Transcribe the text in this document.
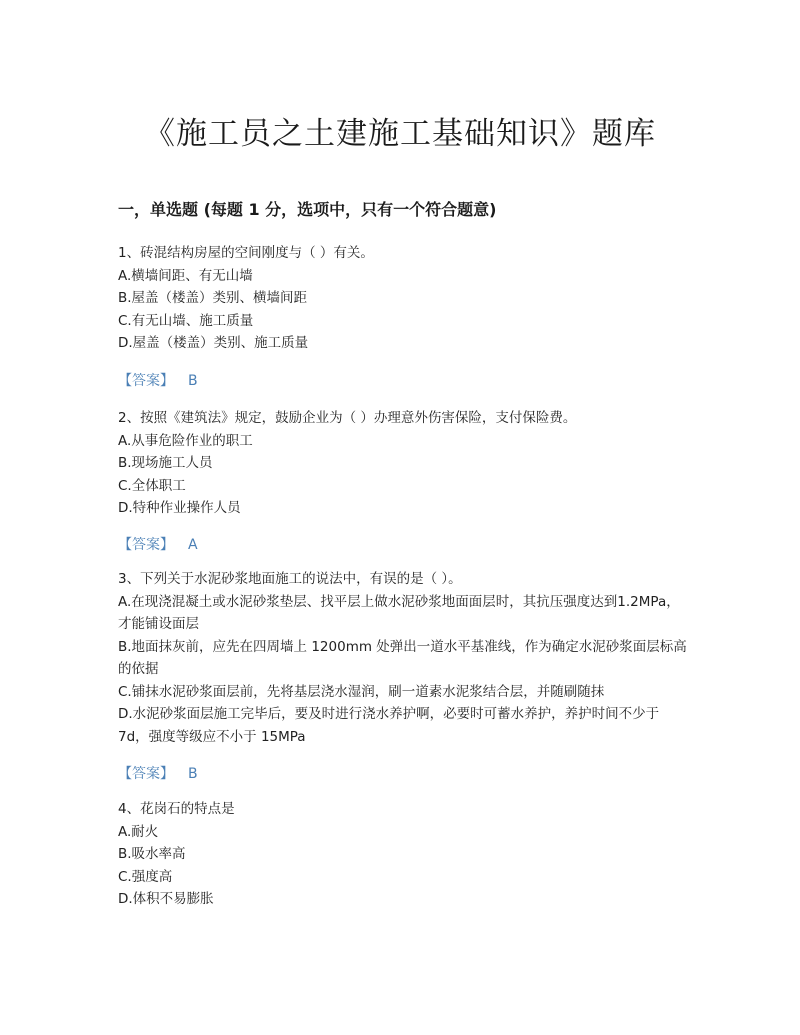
《施工员之土建施工基础知识》题库
一，单选题 (每题 1 分，选项中，只有一个符合题意)
1、砖混结构房屋的空间刚度与（ ）有关。
A.横墙间距、有无山墙
B.屋盖（楼盖）类别、横墙间距
C.有无山墙、施工质量
D.屋盖（楼盖）类别、施工质量
【答案】 B
2、按照《建筑法》规定，鼓励企业为（ ）办理意外伤害保险，支付保险费。
A.从事危险作业的职工
B.现场施工人员
C.全体职工
D.特种作业操作人员
【答案】 A
3、下列关于水泥砂浆地面施工的说法中，有误的是（ ）。
A.在现浇混凝土或水泥砂浆垫层、找平层上做水泥砂浆地面面层时，其抗压强度达到1.2MPa，才能铺设面层
B.地面抹灰前，应先在四周墙上 1200mm 处弹出一道水平基准线，作为确定水泥砂浆面层标高的依据
C.铺抹水泥砂浆面层前，先将基层浇水湿润，刷一道素水泥浆结合层，并随刷随抹
D.水泥砂浆面层施工完毕后，要及时进行浇水养护啊，必要时可蓄水养护，养护时间不少于 7d，强度等级应不小于 15MPa
【答案】 B
4、花岗石的特点是
A.耐火
B.吸水率高
C.强度高
D.体积不易膨胀
